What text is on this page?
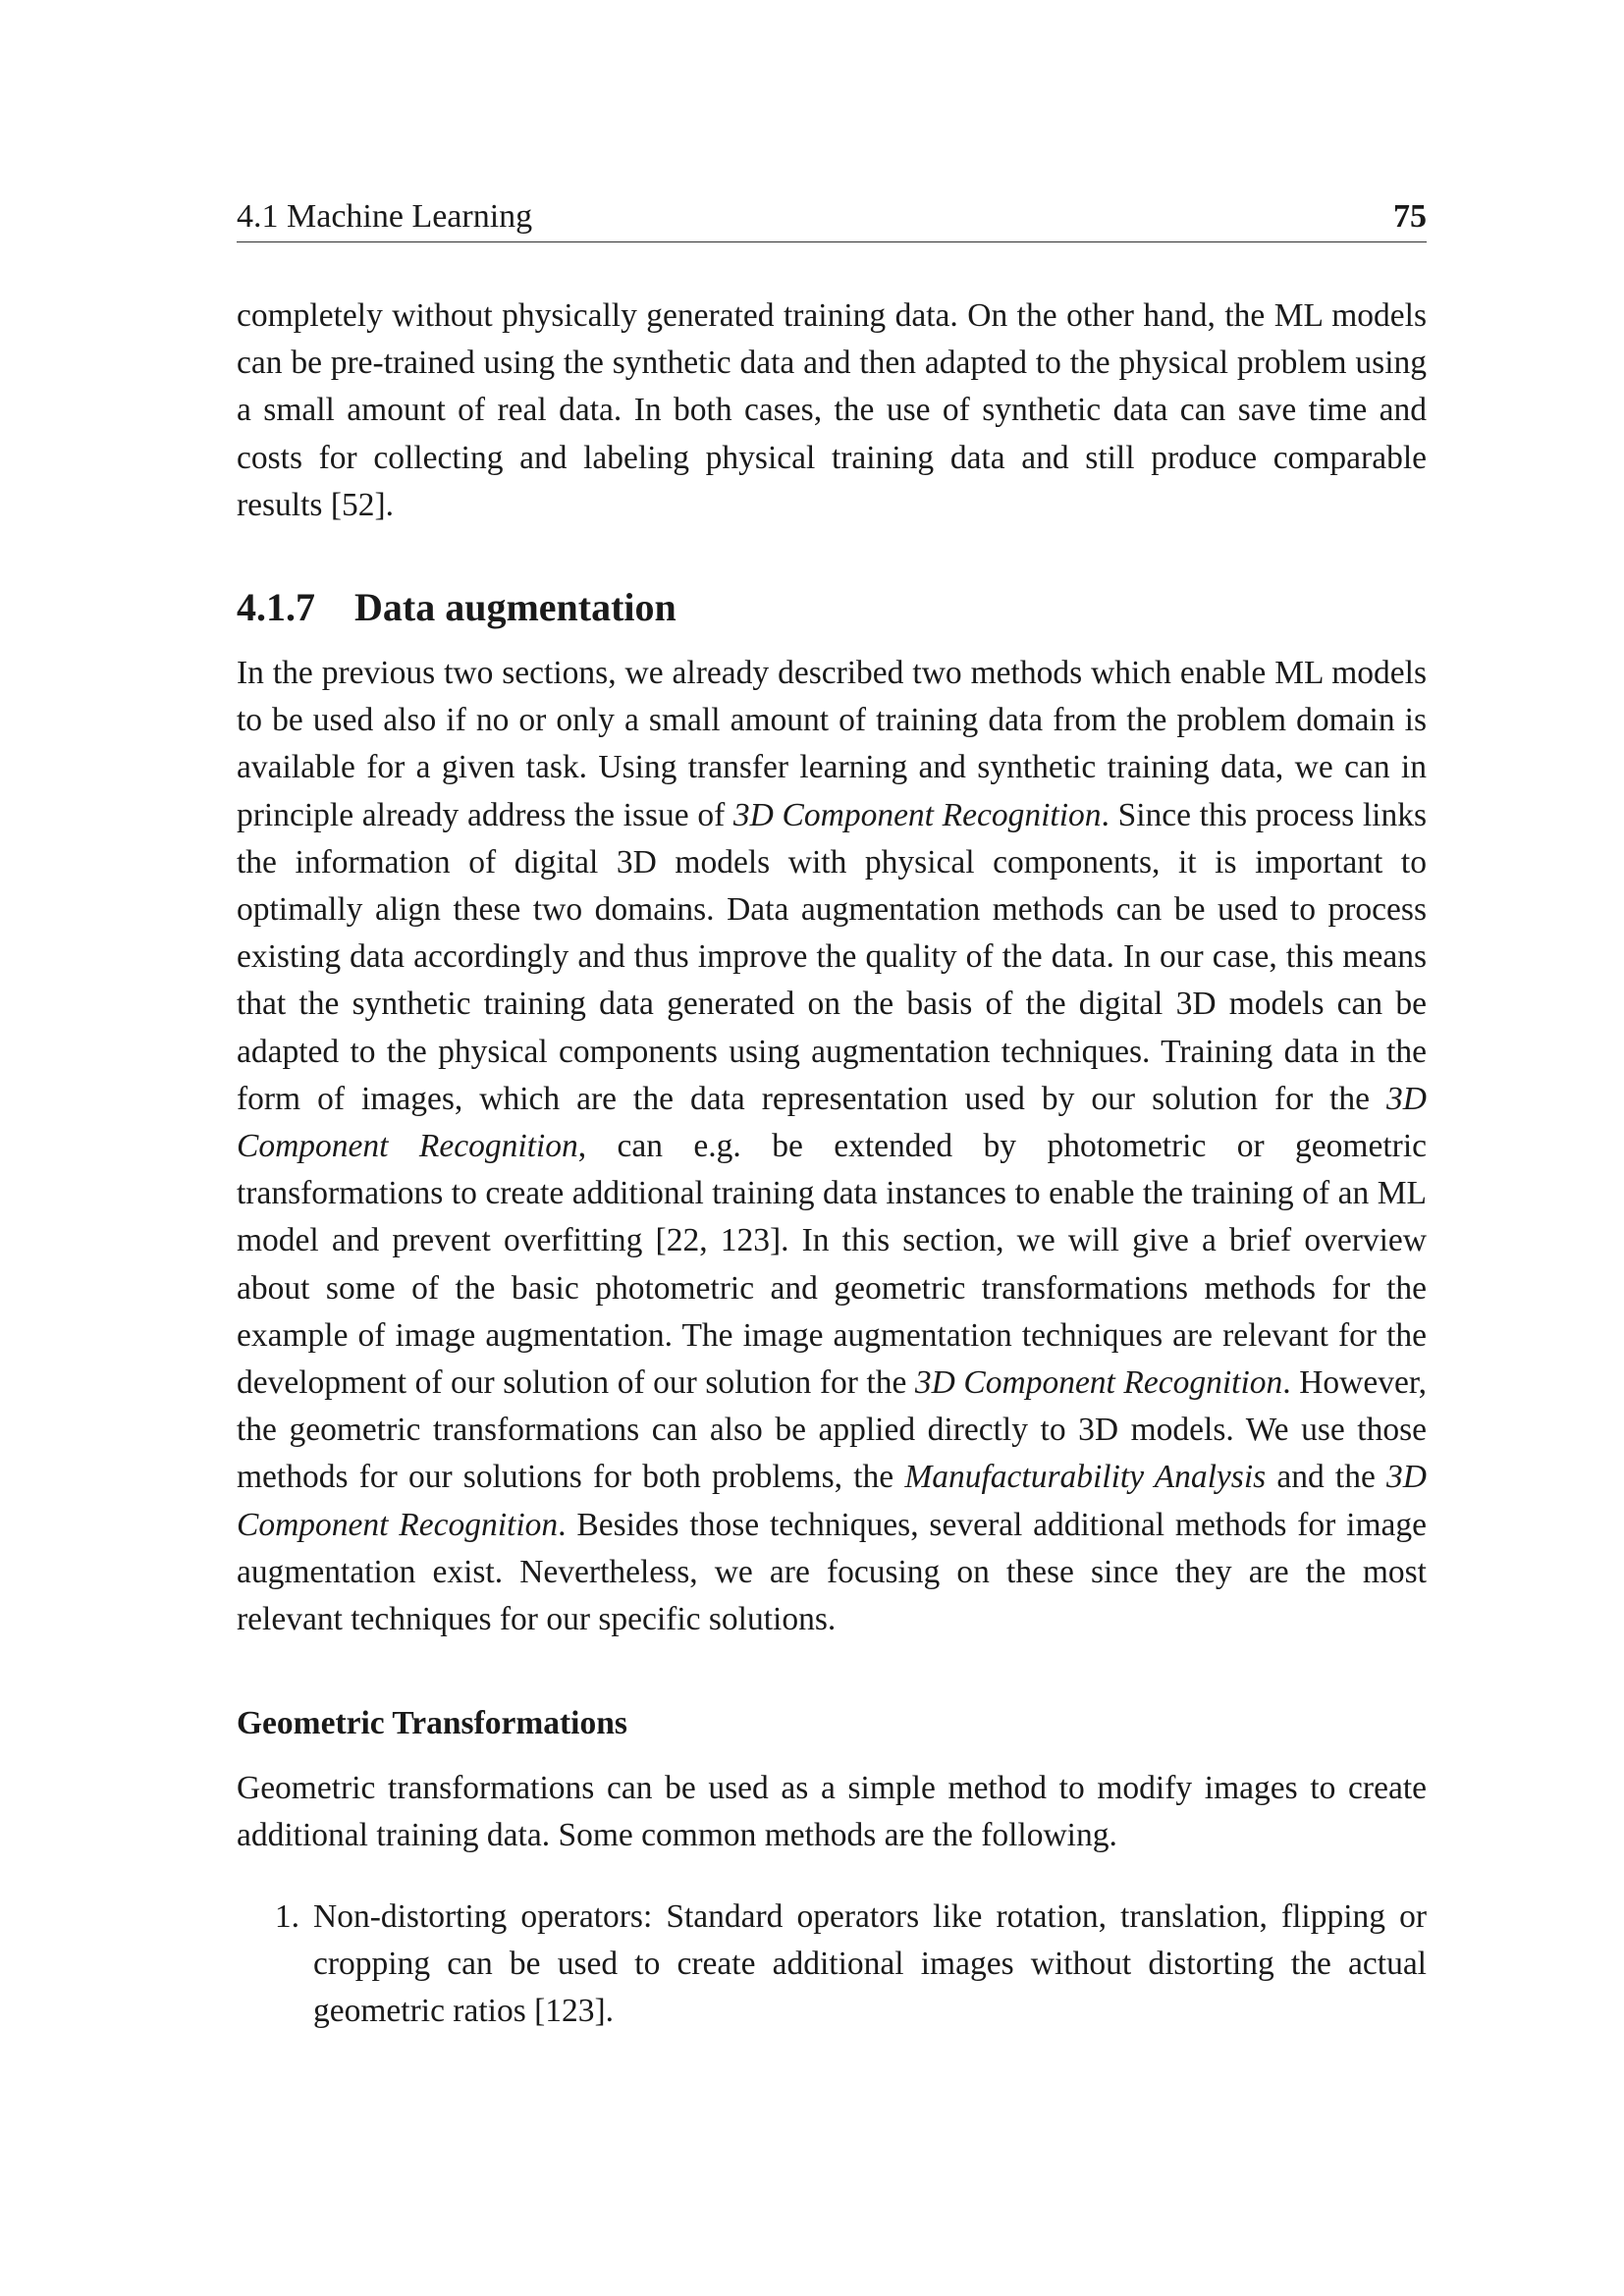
4.1 Machine Learning	75

completely without physically generated training data. On the other hand, the ML models can be pre-trained using the synthetic data and then adapted to the physical problem using a small amount of real data. In both cases, the use of synthetic data can save time and costs for collecting and labeling physical training data and still produce comparable results [52].

4.1.7 Data augmentation

In the previous two sections, we already described two methods which enable ML models to be used also if no or only a small amount of training data from the problem domain is available for a given task. Using transfer learning and synthetic training data, we can in principle already address the issue of 3D Component Recognition. Since this process links the information of digital 3D models with physical components, it is important to optimally align these two domains. Data augmentation methods can be used to process existing data accordingly and thus improve the quality of the data. In our case, this means that the synthetic training data generated on the basis of the digital 3D models can be adapted to the physical components using augmentation techniques. Training data in the form of images, which are the data representation used by our solution for the 3D Component Recognition, can e.g. be extended by photometric or geometric transformations to create additional training data instances to enable the training of an ML model and prevent overfitting [22, 123]. In this section, we will give a brief overview about some of the basic photometric and geometric transformations methods for the example of image augmentation. The image augmentation techniques are relevant for the development of our solution of our solution for the 3D Component Recognition. However, the geometric transformations can also be applied directly to 3D models. We use those methods for our solutions for both problems, the Manufacturability Analysis and the 3D Component Recognition. Besides those techniques, several additional methods for image augmentation exist. Nevertheless, we are focusing on these since they are the most relevant techniques for our specific solutions.

Geometric Transformations

Geometric transformations can be used as a simple method to modify images to create additional training data. Some common methods are the following.

1. Non-distorting operators: Standard operators like rotation, translation, flipping or cropping can be used to create additional images without distorting the actual geometric ratios [123].
